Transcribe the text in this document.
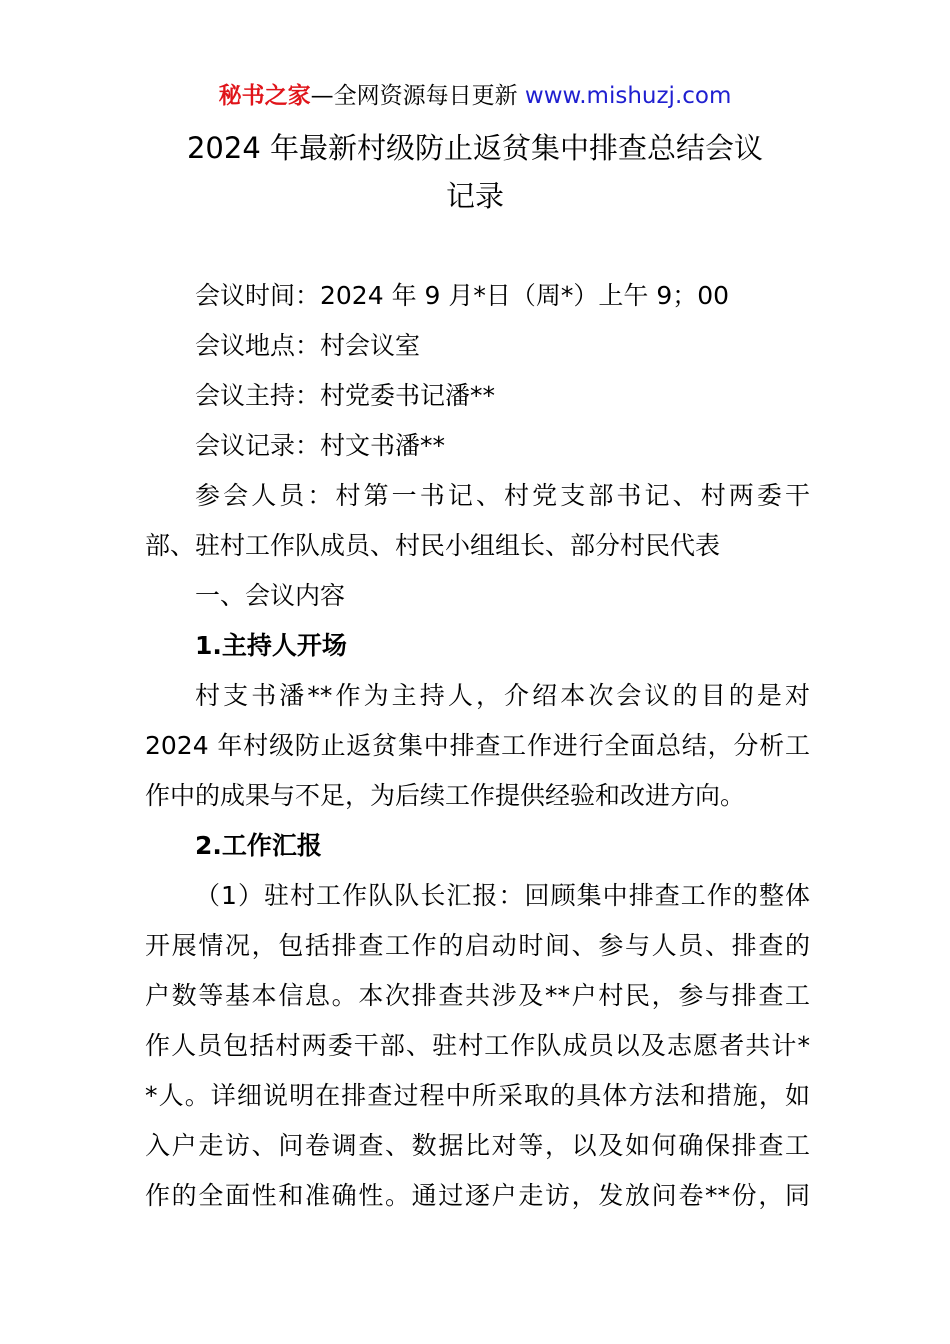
秘书之家—全网资源每日更新 www.mishuzj.com
2024 年最新村级防止返贫集中排查总结会议
记录
会议时间：2024 年 9 月*日（周*）上午 9；00
会议地点：村会议室
会议主持：村党委书记潘**
会议记录：村文书潘**
参会人员：村第一书记、村党支部书记、村两委干
部、驻村工作队成员、村民小组组长、部分村民代表
一、会议内容
1.主持人开场
村支书潘**作为主持人，介绍本次会议的目的是对
2024 年村级防止返贫集中排查工作进行全面总结，分析工
作中的成果与不足，为后续工作提供经验和改进方向。
2.工作汇报
（1）驻村工作队队长汇报：回顾集中排查工作的整体
开展情况，包括排查工作的启动时间、参与人员、排查的
户数等基本信息。本次排查共涉及**户村民，参与排查工
作人员包括村两委干部、驻村工作队成员以及志愿者共计*
*人。详细说明在排查过程中所采取的具体方法和措施，如
入户走访、问卷调查、数据比对等，以及如何确保排查工
作的全面性和准确性。通过逐户走访，发放问卷**份，同
